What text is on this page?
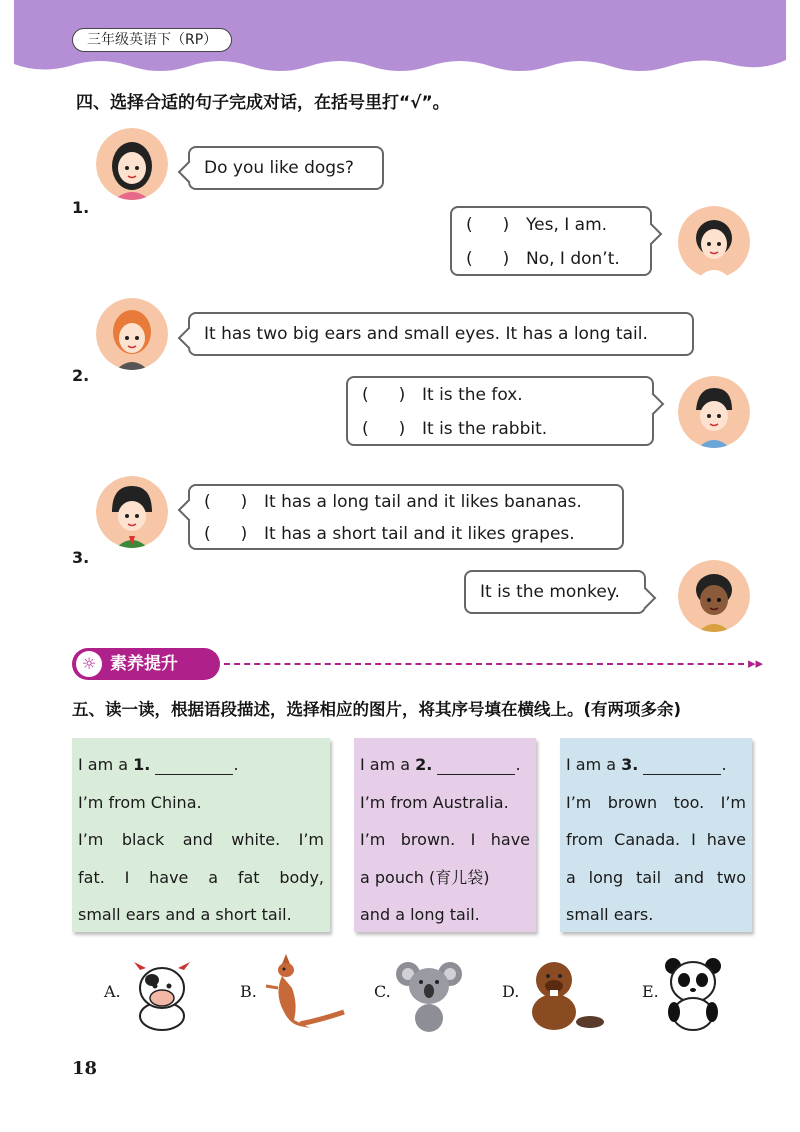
三年级英语下（RP）
四、选择合适的句子完成对话，在括号里打“√”。
1.
Do you like dogs?
( ) Yes, I am.
( ) No, I don’t.
2.
It has two big ears and small eyes. It has a long tail.
( ) It is the fox.
( ) It is the rabbit.
3.
( ) It has a long tail and it likes bananas.
( ) It has a short tail and it likes grapes.
It is the monkey.
☼ 素养提升	▸▸
五、读一读，根据语段描述，选择相应的图片，将其序号填在横线上。(有两项多余)
I am a 1.	.
I’m from China.
I’m black and white. I’m
fat. I have a fat body,
small ears and a short tail.
I am a 2.	.
I’m from Australia.
I’m brown. I have
a pouch (育儿袋)
and a long tail.
I am a 3.	.
I’m brown too. I’m
from Canada. I have
a long tail and two
small ears.
A.	B.	C.	D.	E.
18
